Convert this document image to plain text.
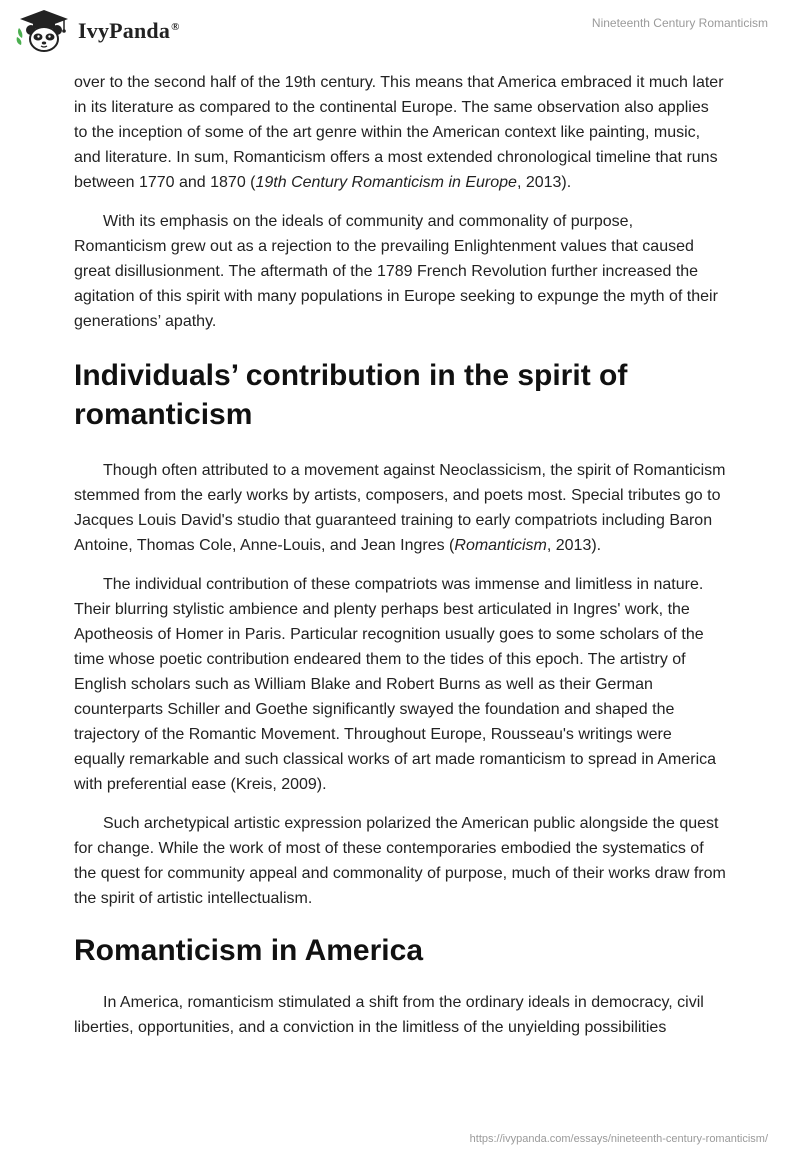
IvyPanda®	Nineteenth Century Romanticism

over to the second half of the 19th century. This means that America embraced it much later in its literature as compared to the continental Europe. The same observation also applies to the inception of some of the art genre within the American context like painting, music, and literature. In sum, Romanticism offers a most extended chronological timeline that runs between 1770 and 1870 (19th Century Romanticism in Europe, 2013).

With its emphasis on the ideals of community and commonality of purpose, Romanticism grew out as a rejection to the prevailing Enlightenment values that caused great disillusionment. The aftermath of the 1789 French Revolution further increased the agitation of this spirit with many populations in Europe seeking to expunge the myth of their generations’ apathy.

Individuals’ contribution in the spirit of romanticism

Though often attributed to a movement against Neoclassicism, the spirit of Romanticism stemmed from the early works by artists, composers, and poets most. Special tributes go to Jacques Louis David's studio that guaranteed training to early compatriots including Baron Antoine, Thomas Cole, Anne-Louis, and Jean Ingres (Romanticism, 2013).

The individual contribution of these compatriots was immense and limitless in nature. Their blurring stylistic ambience and plenty perhaps best articulated in Ingres' work, the Apotheosis of Homer in Paris. Particular recognition usually goes to some scholars of the time whose poetic contribution endeared them to the tides of this epoch. The artistry of English scholars such as William Blake and Robert Burns as well as their German counterparts Schiller and Goethe significantly swayed the foundation and shaped the trajectory of the Romantic Movement. Throughout Europe, Rousseau's writings were equally remarkable and such classical works of art made romanticism to spread in America with preferential ease (Kreis, 2009).

Such archetypical artistic expression polarized the American public alongside the quest for change. While the work of most of these contemporaries embodied the systematics of the quest for community appeal and commonality of purpose, much of their works draw from the spirit of artistic intellectualism.

Romanticism in America

In America, romanticism stimulated a shift from the ordinary ideals in democracy, civil liberties, opportunities, and a conviction in the limitless of the unyielding possibilities

https://ivypanda.com/essays/nineteenth-century-romanticism/
